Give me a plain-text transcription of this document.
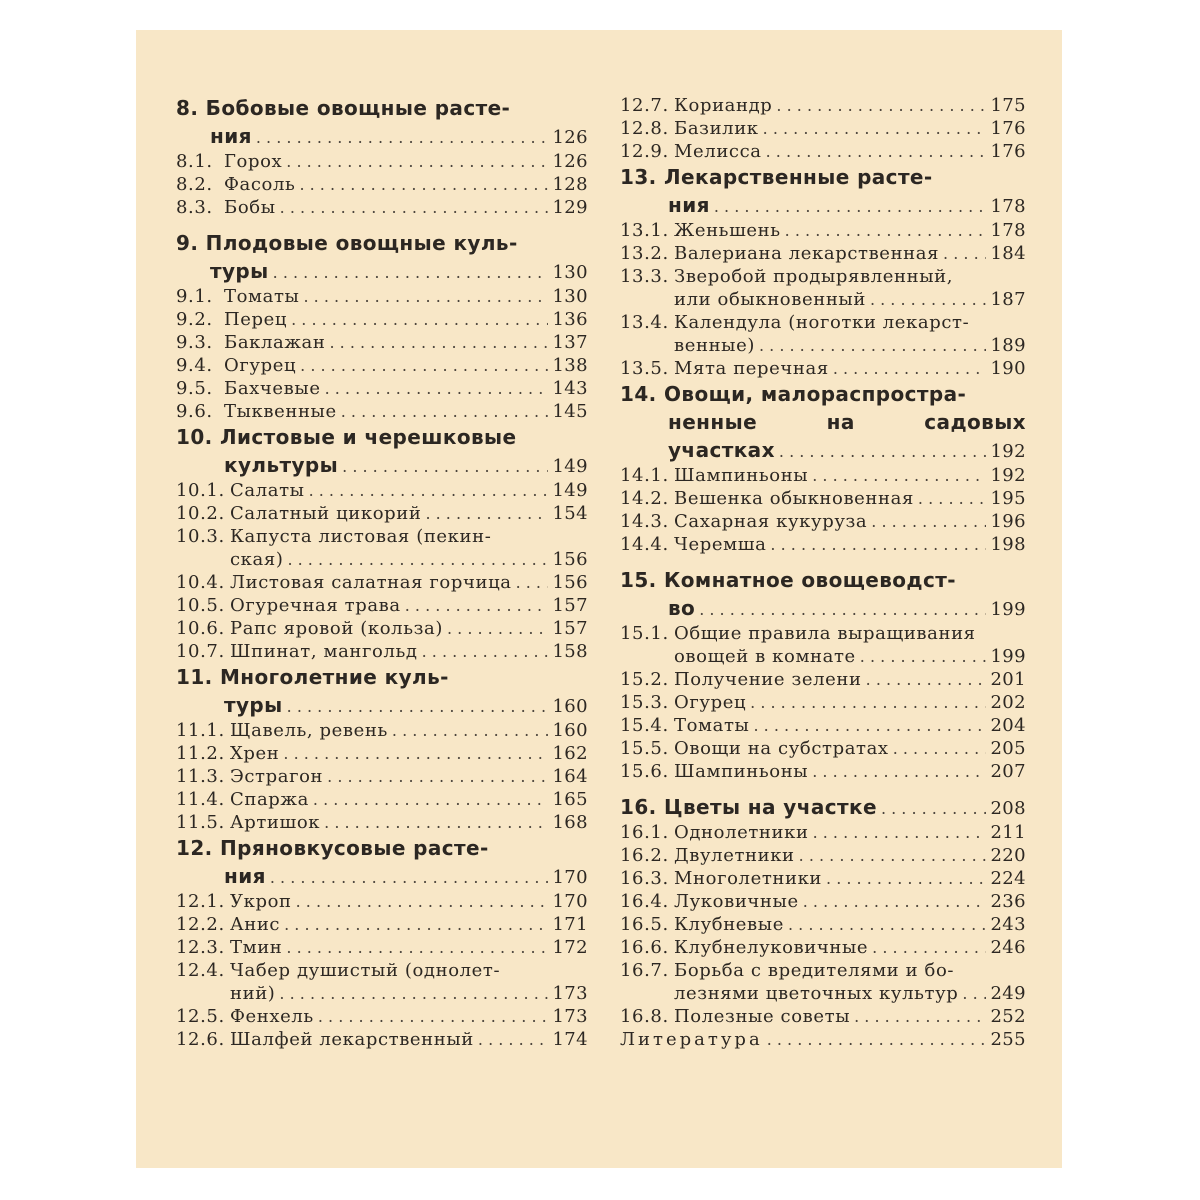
8. Бобовые овощные расте-
ния . . .	126
8.1. Горох . . .	126
8.2. Фасоль . . .	128
8.3. Бобы . . .	129
9. Плодовые овощные куль-
туры . . .	130
9.1. Томаты . . .	130
9.2. Перец . . .	136
9.3. Баклажан . . .	137
9.4. Огурец . . .	138
9.5. Бахчевые . . .	143
9.6. Тыквенные . . .	145
10. Листовые и черешковые
культуры . . .	149
10.1. Салаты . . .	149
10.2. Салатный цикорий . . .	154
10.3. Капуста листовая (пекин-
ская) . . .	156
10.4. Листовая салатная горчица . . . 156
10.5. Огуречная трава . . .	157
10.6. Рапс яровой (кольза) . . .	157
10.7. Шпинат, мангольд . . .	158
11. Многолетние куль-
туры . . .	160
11.1. Щавель, ревень . . .	160
11.2. Хрен . . .	162
11.3. Эстрагон . . .	164
11.4. Спаржа . . .	165
11.5. Артишок . . .	168
12. Пряновкусовые расте-
ния . . .	170
12.1. Укроп . . .	170
12.2. Анис . . .	171
12.3. Тмин . . .	172
12.4. Чабер душистый (однолет-
ний) . . .	173
12.5. Фенхель . . .	173
12.6. Шалфей лекарственный . . .	174
12.7. Кориандр . . .	175
12.8. Базилик . . .	176
12.9. Мелисса . . .	176
13. Лекарственные расте-
ния . . .	178
13.1. Женьшень . . .	178
13.2. Валериана лекарственная . . .	184
13.3. Зверобой продырявленный,
или обыкновенный . . .	187
13.4. Календула (ноготки лекарст-
венные) . . .	189
13.5. Мята перечная . . .	190
14. Овощи, малораспростра-
ненные на садовых
участках . . .	192
14.1. Шампиньоны . . .	192
14.2. Вешенка обыкновенная . . .	195
14.3. Сахарная кукуруза . . .	196
14.4. Черемша . . .	198
15. Комнатное овощеводст-
во . . .	199
15.1. Общие правила выращивания
овощей в комнате . . .	199
15.2. Получение зелени . . .	201
15.3. Огурец . . .	202
15.4. Томаты . . .	204
15.5. Овощи на субстратах . . .	205
15.6. Шампиньоны . . .	207
16. Цветы на участке . . .	208
16.1. Однолетники . . .	211
16.2. Двулетники . . .	220
16.3. Многолетники . . .	224
16.4. Луковичные . . .	236
16.5. Клубневые . . .	243
16.6. Клубнелуковичные . . .	246
16.7. Борьба с вредителями и бо-
лезнями цветочных культур . . . 249
16.8. Полезные советы . . .	252
Литература . . .	255
